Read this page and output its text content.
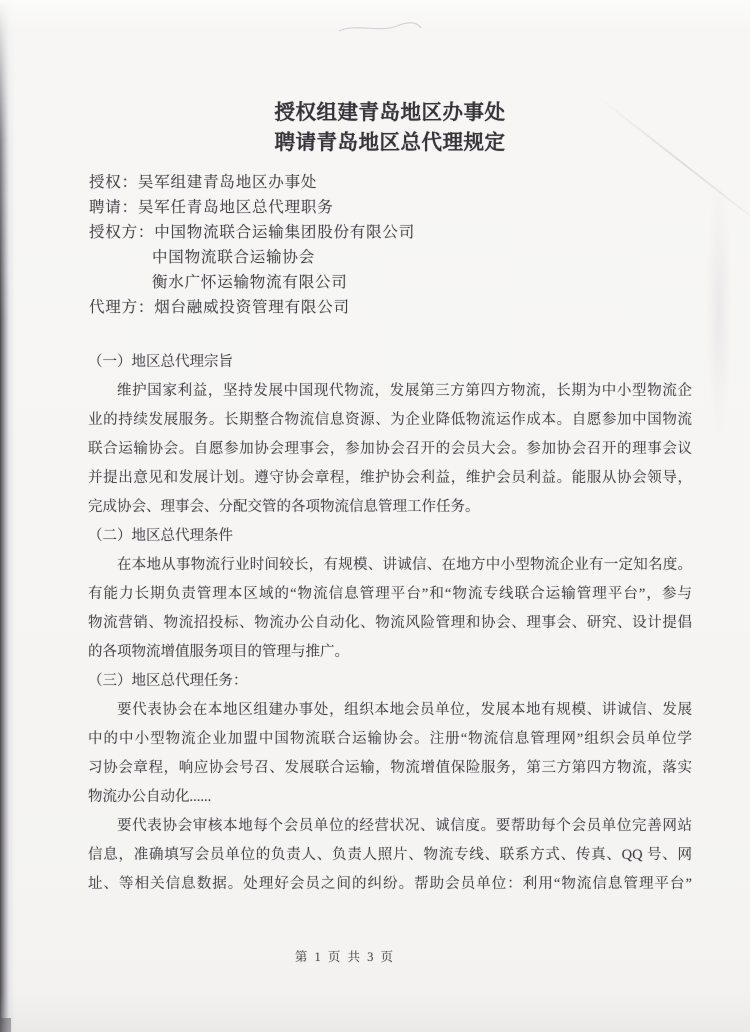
授权组建青岛地区办事处
聘请青岛地区总代理规定
授权：吴军组建青岛地区办事处
聘请：吴军任青岛地区总代理职务
授权方：中国物流联合运输集团股份有限公司
中国物流联合运输协会
衡水广怀运输物流有限公司
代理方：烟台融威投资管理有限公司
（一）地区总代理宗旨
维护国家利益，坚持发展中国现代物流，发展第三方第四方物流，长期为中小型物流企
业的持续发展服务。长期整合物流信息资源、为企业降低物流运作成本。自愿参加中国物流
联合运输协会。自愿参加协会理事会，参加协会召开的会员大会。参加协会召开的理事会议
并提出意见和发展计划。遵守协会章程，维护协会利益，维护会员利益。能服从协会领导，
完成协会、理事会、分配交管的各项物流信息管理工作任务。
（二）地区总代理条件
在本地从事物流行业时间较长，有规模、讲诚信、在地方中小型物流企业有一定知名度。
有能力长期负责管理本区域的“物流信息管理平台”和“物流专线联合运输管理平台”，参与
物流营销、物流招投标、物流办公自动化、物流风险管理和协会、理事会、研究、设计提倡
的各项物流增值服务项目的管理与推广。
（三）地区总代理任务：
要代表协会在本地区组建办事处，组织本地会员单位，发展本地有规模、讲诚信、发展
中的中小型物流企业加盟中国物流联合运输协会。注册“物流信息管理网”组织会员单位学
习协会章程，响应协会号召、发展联合运输，物流增值保险服务，第三方第四方物流，落实
物流办公自动化......
要代表协会审核本地每个会员单位的经营状况、诚信度。要帮助每个会员单位完善网站
信息，准确填写会员单位的负责人、负责人照片、物流专线、联系方式、传真、QQ 号、网
址、等相关信息数据。处理好会员之间的纠纷。帮助会员单位：利用“物流信息管理平台”
第 1 页 共 3 页
